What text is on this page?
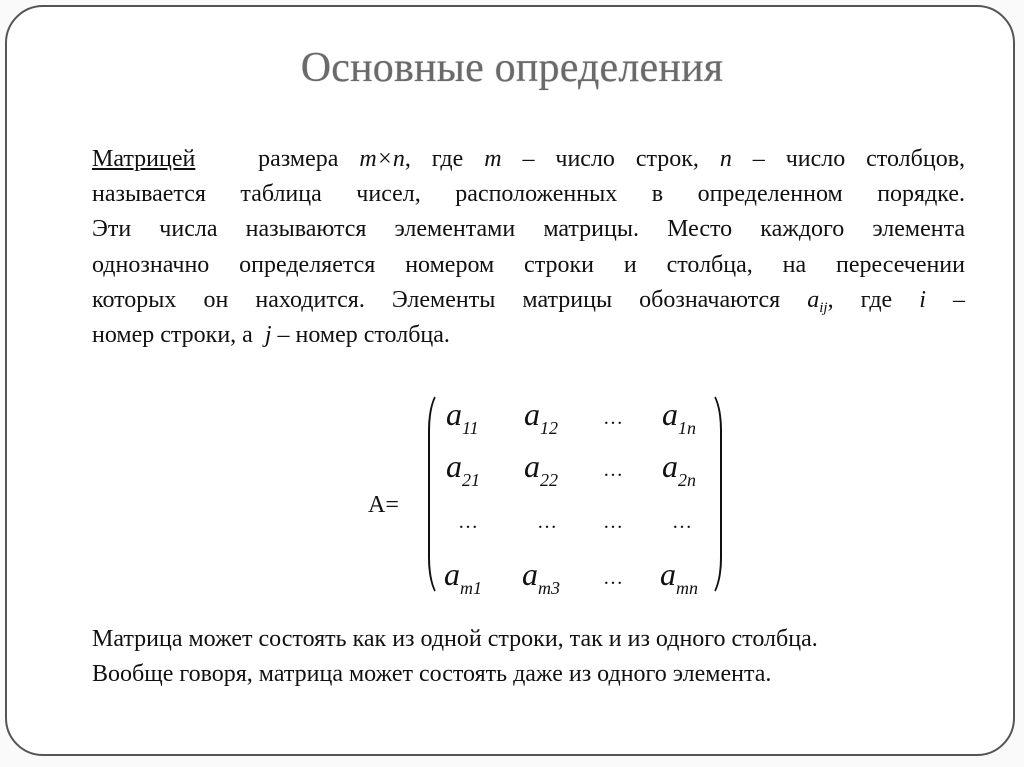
Основные определения
Матрицей	размера m×n, где m – число строк, n – число столбцов,
называется таблица чисел, расположенных в определенном порядке.
Эти числа называются элементами матрицы. Место каждого элемента
однозначно определяется номером строки и столбца, на пересечении
которых он находится. Элементы матрицы обозначаются $a_{ij}$, где i –
номер строки, а j – номер столбца.
A=
$a_{11}$ $a_{12}$ … $a_{1n}$
$a_{21}$ $a_{22}$ … $a_{2n}$
…	… … …
$a_{m1}$ $a_{m3}$ … $a_{mn}$
Матрица может состоять как из одной строки, так и из одного столбца.
Вообще говоря, матрица может состоять даже из одного элемента.
